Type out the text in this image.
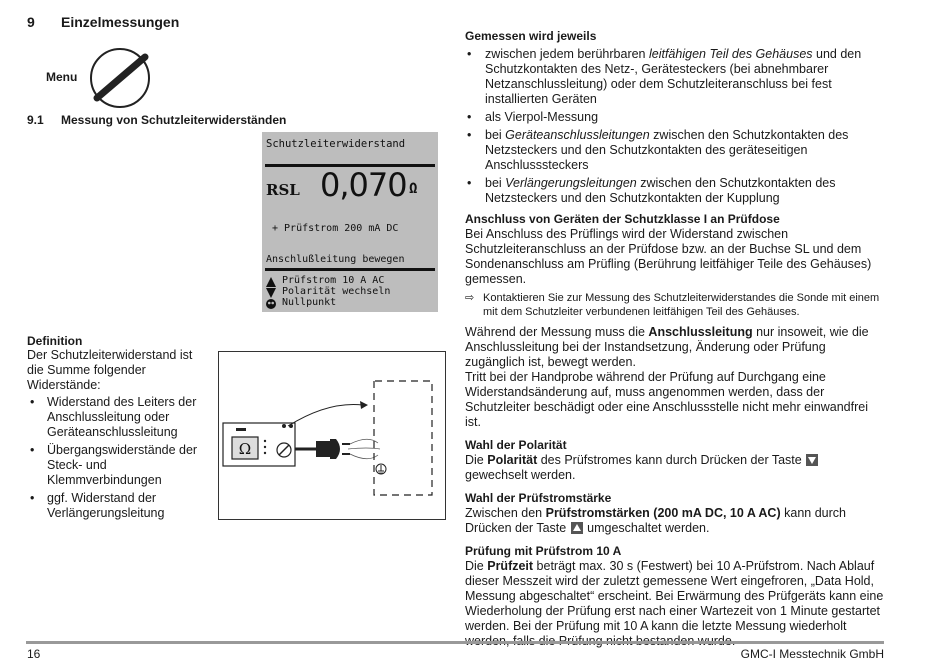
9 Einzelmessungen
Menu
9.1 Messung von Schutzleiterwiderständen
Schutzleiterwiderstand
RSL 0,070 Ω
+ Prüfstrom 200 mA DC
Anschlußleitung bewegen
Prüfstrom 10 A AC
Polarität wechseln
Nullpunkt
Definition
Der Schutzleiterwiderstand ist die Summe folgender Widerstände:
• Widerstand des Leiters der Anschlussleitung oder Geräteanschlussleitung
• Übergangswiderstände der Steck- und Klemmverbindungen
• ggf. Widerstand der Verlängerungsleitung
Ω
Gemessen wird jeweils
• zwischen jedem berührbaren leitfähigen Teil des Gehäuses und den Schutzkontakten des Netz-, Gerätesteckers (bei abnehmbarer Netzanschlussleitung) oder dem Schutzleiteranschluss bei fest installierten Geräten
• als Vierpol-Messung
• bei Geräteanschlussleitungen zwischen den Schutzkontakten des Netzsteckers und den Schutzkontakten des geräteseitigen Anschlusssteckers
• bei Verlängerungsleitungen zwischen den Schutzkontakten des Netzsteckers und den Schutzkontakten der Kupplung
Anschluss von Geräten der Schutzklasse I an Prüfdose
Bei Anschluss des Prüflings wird der Widerstand zwischen Schutzleiteranschluss an der Prüfdose bzw. an der Buchse SL und dem Sondenanschluss am Prüfling (Berührung leitfähiger Teile des Gehäuses) gemessen.
⇨ Kontaktieren Sie zur Messung des Schutzleiterwiderstandes die Sonde mit einem mit dem Schutzleiter verbundenen leitfähigen Teil des Gehäuses.
Während der Messung muss die Anschlussleitung nur insoweit, wie die Anschlussleitung bei der Instandsetzung, Änderung oder Prüfung zugänglich ist, bewegt werden.
Tritt bei der Handprobe während der Prüfung auf Durchgang eine Widerstandsänderung auf, muss angenommen werden, dass der Schutzleiter beschädigt oder eine Anschlussstelle nicht mehr einwandfrei ist.
Wahl der Polarität
Die Polarität des Prüfstromes kann durch Drücken der Taste
gewechselt werden.
Wahl der Prüfstromstärke
Zwischen den Prüfstromstärken (200 mA DC, 10 A AC) kann durch Drücken der Taste
umgeschaltet werden.
Prüfung mit Prüfstrom 10 A
Die Prüfzeit beträgt max. 30 s (Festwert) bei 10 A-Prüfstrom. Nach Ablauf dieser Messzeit wird der zuletzt gemessene Wert eingefroren, „Data Hold, Messung abgeschaltet“ erscheint. Bei Erwärmung des Prüfgeräts kann eine Wiederholung der Prüfung erst nach einer Wartezeit von 1 Minute gestartet werden. Bei der Prüfung mit 10 A kann die letzte Messung wiederholt
16	GMC-I Messtechnik GmbH
